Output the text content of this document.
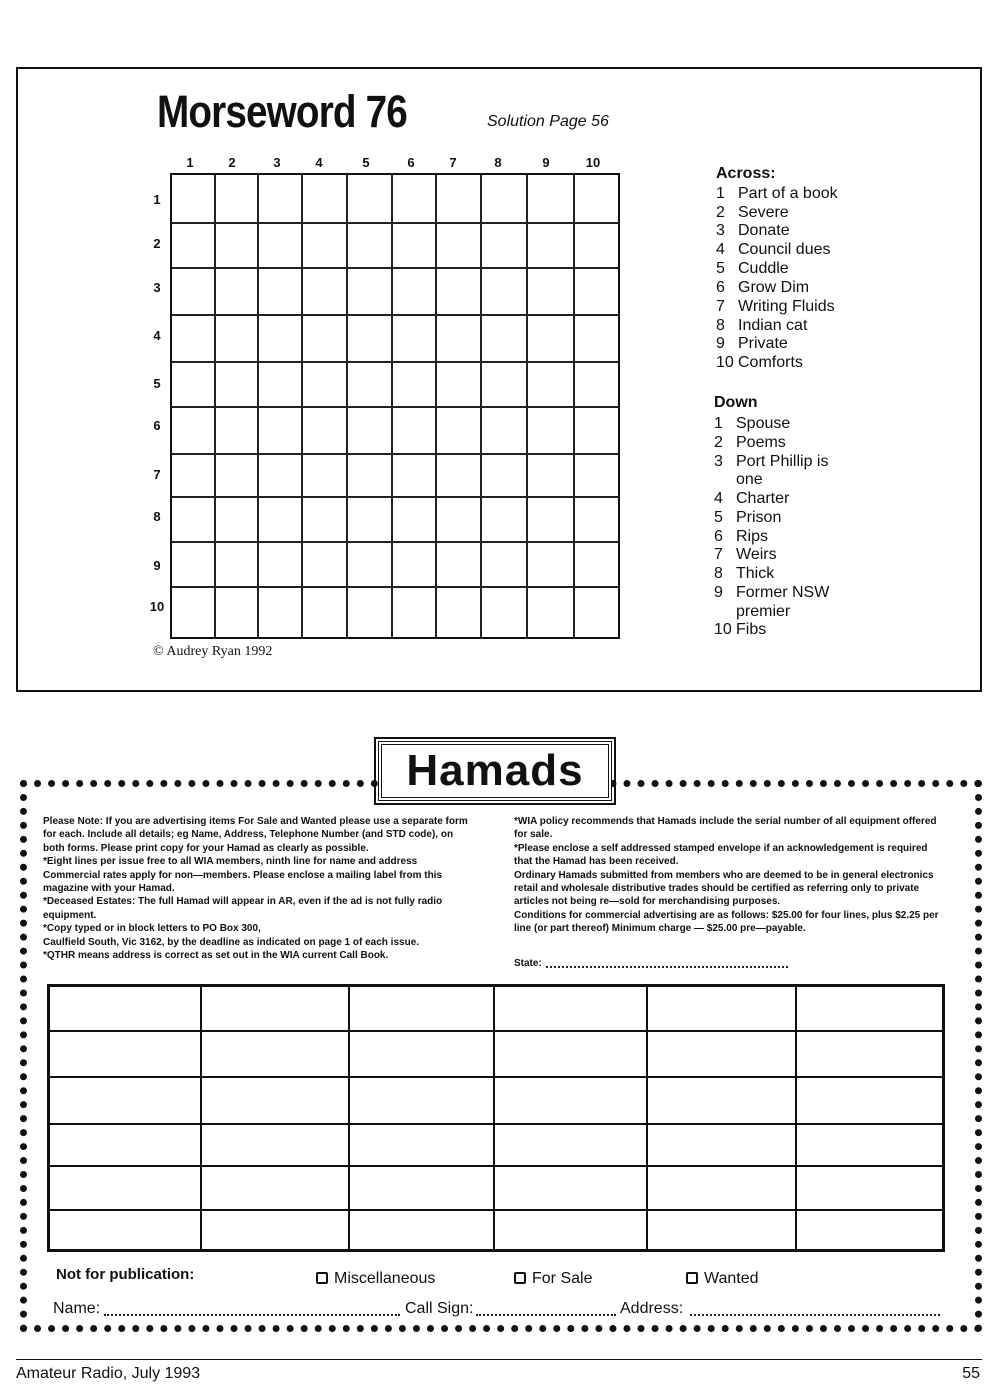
Morseword 76	Solution Page 56
1	2	3	4	5	6	7	8	9	10
1
2
3
4
5
6
7
8
9
10
© Audrey Ryan 1992
Across:
1 Part of a book
2 Severe
3 Donate
4 Council dues
5 Cuddle
6 Grow Dim
7 Writing Fluids
8 Indian cat
9 Private
10 Comforts
Down
1 Spouse
2 Poems
3 Port Phillip is
one
4 Charter
5 Prison
6 Rips
7 Weirs
8 Thick
9 Former NSW
premier
10 Fibs
Hamads
Please Note: If you are advertising items For Sale and Wanted please use a separate form
for each. Include all details; eg Name, Address, Telephone Number (and STD code), on
both forms. Please print copy for your Hamad as clearly as possible.
*Eight lines per issue free to all WIA members, ninth line for name and address
Commercial rates apply for non—members. Please enclose a mailing label from this
magazine with your Hamad.
*Deceased Estates: The full Hamad will appear in AR, even if the ad is not fully radio
equipment.
*Copy typed or in block letters to PO Box 300,
Caulfield South, Vic 3162, by the deadline as indicated on page 1 of each issue.
*QTHR means address is correct as set out in the WIA current Call Book.
*WIA policy recommends that Hamads include the serial number of all equipment offered
for sale.
*Please enclose a self addressed stamped envelope if an acknowledgement is required
that the Hamad has been received.
Ordinary Hamads submitted from members who are deemed to be in general electronics
retail and wholesale distributive trades should be certified as referring only to private
articles not being re—sold for merchandising purposes.
Conditions for commercial advertising are as follows: $25.00 for four lines, plus $2.25 per
line (or part thereof) Minimum charge — $25.00 pre—payable.
State:
Not for publication:	Miscellaneous	For Sale	Wanted
Name:	Call Sign:	Address:
Amateur Radio, July 1993	55
